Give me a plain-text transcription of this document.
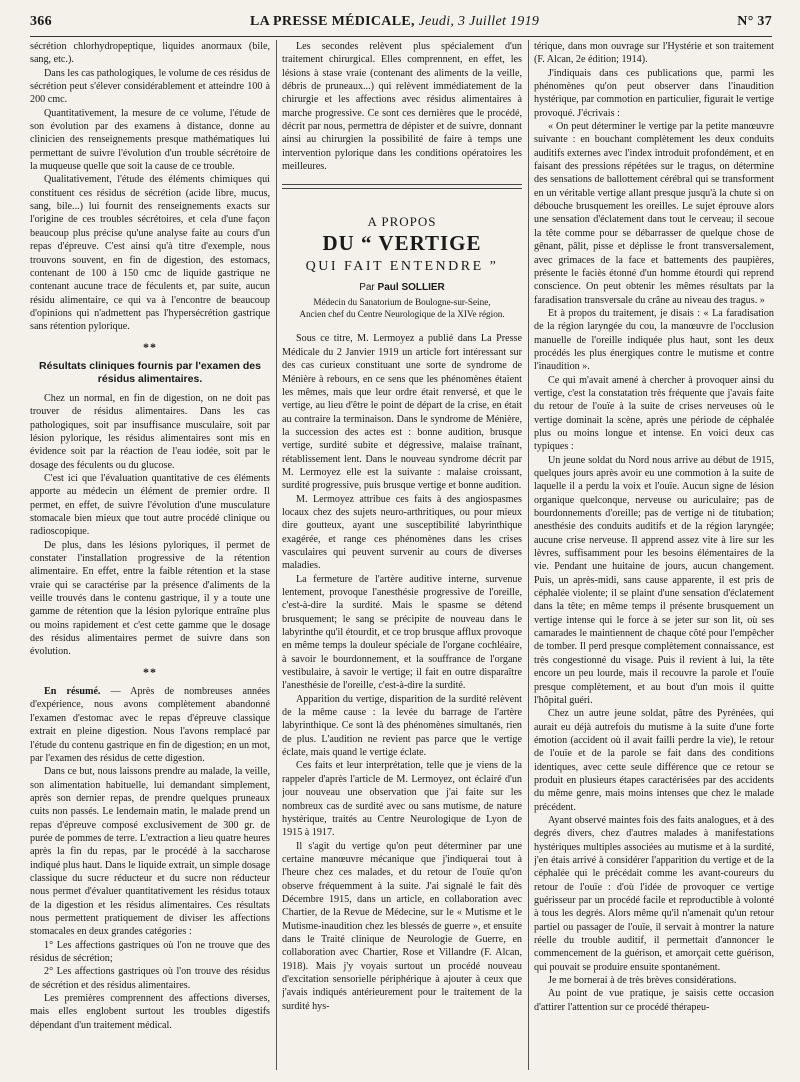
366	LA PRESSE MÉDICALE, Jeudi, 3 Juillet 1919	N° 37

sécrétion chlorhydropeptique, liquides anormaux (bile, sang, etc.).

Dans les cas pathologiques, le volume de ces résidus de sécrétion peut s'élever considérablement et atteindre 100 à 200 cmc.

Quantitativement, la mesure de ce volume, l'étude de son évolution par des examens à distance, donne au clinicien des renseignements presque mathématiques lui permettant de suivre l'évolution d'un trouble sécrétoire de la muqueuse quelle que soit la cause de ce trouble.

Qualitativement, l'étude des éléments chimiques qui constituent ces résidus de sécrétion (acide libre, mucus, sang, bile...) lui fournit des renseignements exacts sur l'origine de ces troubles sécrétoires, et cela d'une façon beaucoup plus précise qu'une analyse faite au cours d'un repas d'épreuve. C'est ainsi qu'à titre d'exemple, nous trouvons souvent, en fin de digestion, des estomacs, contenant de 100 à 150 cmc de liquide gastrique ne contenant aucune trace de féculents et, par suite, aucun résidu alimentaire, ce qui va à l'encontre de beaucoup d'opinions qui n'admettent pas l'hypersécrétion gastrique sans rétention pylorique.

**
Résultats cliniques fournis par l'examen des résidus alimentaires.

Chez un normal, en fin de digestion, on ne doit pas trouver de résidus alimentaires. Dans les cas pathologiques, soit par insuffisance musculaire, soit par lésion pylorique, les résidus alimentaires sont mis en évidence soit par la réaction de l'eau iodée, soit par le dosage des féculents ou du glucose.

C'est ici que l'évaluation quantitative de ces éléments apporte au médecin un élément de premier ordre. Il permet, en effet, de suivre l'évolution d'une musculature stomacale bien mieux que tout autre procédé clinique ou radioscopique.

De plus, dans les lésions pyloriques, il permet de constater l'installation progressive de la rétention alimentaire. En effet, entre la faible rétention et la stase vraie qui se caractérise par la présence d'aliments de la veille trouvés dans le contenu gastrique, il y a toute une gamme de rétention que la lésion pylorique entraîne plus ou moins rapidement et c'est cette gamme que le dosage des résidus alimentaires permet de suivre dans son évolution.

**

En résumé. — Après de nombreuses années d'expérience, nous avons complètement abandonné l'examen d'estomac avec le repas d'épreuve classique extrait en pleine digestion. Nous l'avons remplacé par l'étude du contenu gastrique en fin de digestion; en un mot, par l'examen des résidus de cette digestion.

Dans ce but, nous laissons prendre au malade, la veille, son alimentation habituelle, lui demandant simplement, après son dernier repas, de prendre quelques pruneaux cuits non passés. Le lendemain matin, le malade prend un repas d'épreuve composé exclusivement de 300 gr. de purée de pommes de terre. L'extraction a lieu quatre heures après la fin du repas, par le procédé à la saccharose indiqué plus haut. Dans le liquide extrait, un simple dosage classique du sucre réducteur et du sucre non réducteur nous permet d'évaluer quantitativement les résidus totaux de la digestion et les résidus alimentaires. Ces résultats nous permettent pratiquement de diviser les affections stomacales en deux grandes catégories :

1° Les affections gastriques où l'on ne trouve que des résidus de sécrétion;

2° Les affections gastriques où l'on trouve des résidus de sécrétion et des résidus alimentaires.

Les premières comprennent des affections diverses, mais elles englobent surtout les troubles digestifs dépendant d'un traitement médical.

Les secondes relèvent plus spécialement d'un traitement chirurgical. Elles comprennent, en effet, les lésions à stase vraie (contenant des aliments de la veille, débris de pruneaux...) qui relèvent immédiatement de la chirurgie et les affections avec résidus alimentaires à marche progressive. Ce sont ces dernières que le procédé, décrit par nous, permettra de dépister et de suivre, donnant ainsi au chirurgien la possibilité de faire à temps une intervention pylorique dans les conditions opératoires les meilleures.

A PROPOS
DU “ VERTIGE
QUI FAIT ENTENDRE ”
Par Paul SOLLIER
Médecin du Sanatorium de Boulogne-sur-Seine,
Ancien chef du Centre Neurologique de la XIVe région.

Sous ce titre, M. Lermoyez a publié dans La Presse Médicale du 2 Janvier 1919 un article fort intéressant sur des cas curieux constituant une sorte de syndrome de Ménière à rebours, en ce sens que les phénomènes étaient les mêmes, mais que leur ordre était renversé, et que le vertige, au lieu d'être le point de départ de la crise, en était au contraire la terminaison. Dans le syndrome de Ménière, la succession des actes est : bonne audition, brusque vertige, surdité subite et dégressive, malaise traînant, rétablissement lent. Dans le nouveau syndrome décrit par M. Lermoyez elle est la suivante : malaise croissant, surdité progressive, puis brusque vertige et bonne audition.

M. Lermoyez attribue ces faits à des angiospasmes locaux chez des sujets neuro-arthritiques, ou pour mieux dire goutteux, ayant une susceptibilité labyrinthique exagérée, et range ces phénomènes dans les crises vasculaires qui peuvent survenir au cours de diverses maladies.

La fermeture de l'artère auditive interne, survenue lentement, provoque l'anesthésie progressive de l'oreille, c'est-à-dire la surdité. Mais le spasme se détend brusquement; le sang se précipite de nouveau dans le labyrinthe qu'il étourdit, et ce trop brusque afflux provoque en même temps la douleur spéciale de l'organe cochléaire, à savoir le bourdonnement, et la souffrance de l'organe vestibulaire, à savoir le vertige; il fait en outre disparaître l'anesthésie de l'oreille, c'est-à-dire la surdité.

Apparition du vertige, disparition de la surdité relèvent de la même cause : la levée du barrage de l'artère labyrinthique. Ce sont là des phénomènes simultanés, rien de plus. L'audition ne revient pas parce que le vertige éclate, mais quand le vertige éclate.

Ces faits et leur interprétation, telle que je viens de la rappeler d'après l'article de M. Lermoyez, ont éclairé d'un jour nouveau une observation que j'ai faite sur les nombreux cas de surdité avec ou sans mutisme, de nature hystérique, traités au Centre Neurologique de Lyon de 1915 à 1917.

Il s'agit du vertige qu'on peut déterminer par une certaine manœuvre mécanique que j'indiquerai tout à l'heure chez ces malades, et du retour de l'ouïe qu'on observe fréquemment à la suite. J'ai signalé le fait dès Décembre 1915, dans un article, en collaboration avec Chartier, de la Revue de Médecine, sur le « Mutisme et le Mutisme-inaudition chez les blessés de guerre », et ensuite dans le Traité clinique de Neurologie de Guerre, en collaboration avec Chartier, Rose et Villandre (F. Alcan, 1918). Mais j'y voyais surtout un procédé nouveau d'excitation sensorielle périphérique à ajouter à ceux que j'avais indiqués antérieurement pour le traitement de la surdité hys-

térique, dans mon ouvrage sur l'Hystérie et son traitement (F. Alcan, 2e édition; 1914).

J'indiquais dans ces publications que, parmi les phénomènes qu'on peut observer dans l'inaudition hystérique, par commotion en particulier, figurait le vertige provoqué. J'écrivais :

« On peut déterminer le vertige par la petite manœuvre suivante : en bouchant complètement les deux conduits auditifs externes avec l'index introduit profondément, et en faisant des pressions répétées sur le tragus, on détermine des sensations de ballottement cérébral qui se transforment en un véritable vertige allant presque jusqu'à la chute si on débouche brusquement les oreilles. Le sujet éprouve alors une sensation d'éclatement dans tout le cerveau; il secoue la tête comme pour se débarrasser de quelque chose de gênant, pâlit, pisse et déplisse le front transversalement, avec grimaces de la face et battements des paupières, présente le faciès étonné d'un homme étourdi qui reprend conscience. On peut obtenir les mêmes résultats par la faradisation transversale du crâne au niveau des tragus. »

Et à propos du traitement, je disais : « La faradisation de la région laryngée du cou, la manœuvre de l'occlusion manuelle de l'oreille indiquée plus haut, sont les deux procédés les plus énergiques contre le mutisme et contre l'inaudition ».

Ce qui m'avait amené à chercher à provoquer ainsi du vertige, c'est la constatation très fréquente que j'avais faite du retour de l'ouïe à la suite de crises nerveuses où le vertige dominait la scène, après une période de céphalée plus ou moins longue et intense. En voici deux cas typiques :

Un jeune soldat du Nord nous arrive au début de 1915, quelques jours après avoir eu une commotion à la suite de laquelle il a perdu la voix et l'ouïe. Aucun signe de lésion organique quelconque, nerveuse ou auriculaire; pas de bourdonnements d'oreille; pas de vertige ni de titubation; anesthésie des conduits auditifs et de la région laryngée; aucune crise nerveuse. Il apprend assez vite à lire sur les lèvres, suffisamment pour les besoins élémentaires de la vie. Pendant une huitaine de jours, aucun changement. Puis, un après-midi, sans cause apparente, il est pris de céphalée violente; il se plaint d'une sensation d'éclatement dans la tête; en même temps il présente brusquement un vertige intense qui le force à se jeter sur son lit, où ses camarades le maintiennent de chaque côté pour l'empêcher de tomber. Il perd presque complètement connaissance, est très congestionné du visage. Puis il revient à lui, la tête encore un peu lourde, mais il recouvre la parole et l'ouïe presque complètement, et au bout d'un mois il quitte l'hôpital guéri.

Chez un autre jeune soldat, pâtre des Pyrénées, qui aurait eu déjà autrefois du mutisme à la suite d'une forte émotion (accident où il avait failli perdre la vie), le retour de l'ouïe et de la parole se fait dans des conditions identiques, avec cette seule différence que ce retour se produit en plusieurs étapes caractérisées par des accidents du même genre, mais moins intenses que chez le malade précédent.

Ayant observé maintes fois des faits analogues, et à des degrés divers, chez d'autres malades à manifestations hystériques multiples associées au mutisme et à la surdité, j'en étais arrivé à considérer l'apparition du vertige et de la céphalée qui le précédait comme les avant-coureurs du retour de l'ouïe : d'où l'idée de provoquer ce vertige guérisseur par un procédé facile et reproductible à volonté à tous les degrés. Alors même qu'il n'amenait qu'un retour partiel ou passager de l'ouïe, il servait à montrer la nature réelle du trouble auditif, il permettait d'annoncer le commencement de la guérison, et amorçait cette guérison, qui pouvait se produire ensuite spontanément.

Je me bornerai à de très brèves considérations.

Au point de vue pratique, je saisis cette occasion d'attirer l'attention sur ce procédé thérapeu-
